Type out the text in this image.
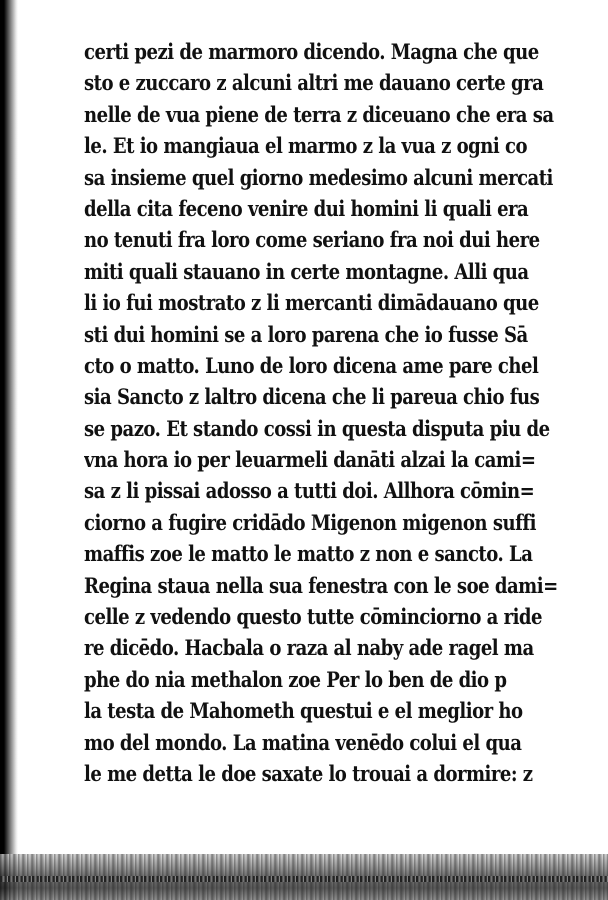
certi pezi de marmoro dicendo. Magna che que
sto e zuccaro z alcuni altri me dauano certe gra
nelle de vua piene de terra z diceuano che era sa
le. Et io mangiaua el marmo z la vua z ogni co
sa insieme quel giorno medesimo alcuni mercati
della cita feceno venire dui homini li quali era
no tenuti fra loro come seriano fra noi dui here
miti quali stauano in certe montagne. Alli qua
li io fui mostrato z li mercanti dimādauano que
sti dui homini se a loro parena che io fusse Sā
cto o matto. Luno de loro dicena ame pare chel
sia Sancto z laltro dicena che li pareua chio fus
se pazo. Et stando cossi in questa disputa piu de
vna hora io per leuarmeli danāti alzai la cami=
sa z li pissai adosso a tutti doi. Allhora cōmin=
ciorno a fugire cridādo Migenon migenon suffi
maffis zoe le matto le matto z non e sancto. La
Regina staua nella sua fenestra con le soe dami=
celle z vedendo questo tutte cōminciorno a ride
re dicēdo. Hacbala o raza al naby ade ragel ma
phe do nia methalon zoe Per lo ben de dio p
la testa de Mahometh questui e el meglior ho
mo del mondo. La matina venēdo colui el qua
le me detta le doe saxate lo trouai a dormire: z
